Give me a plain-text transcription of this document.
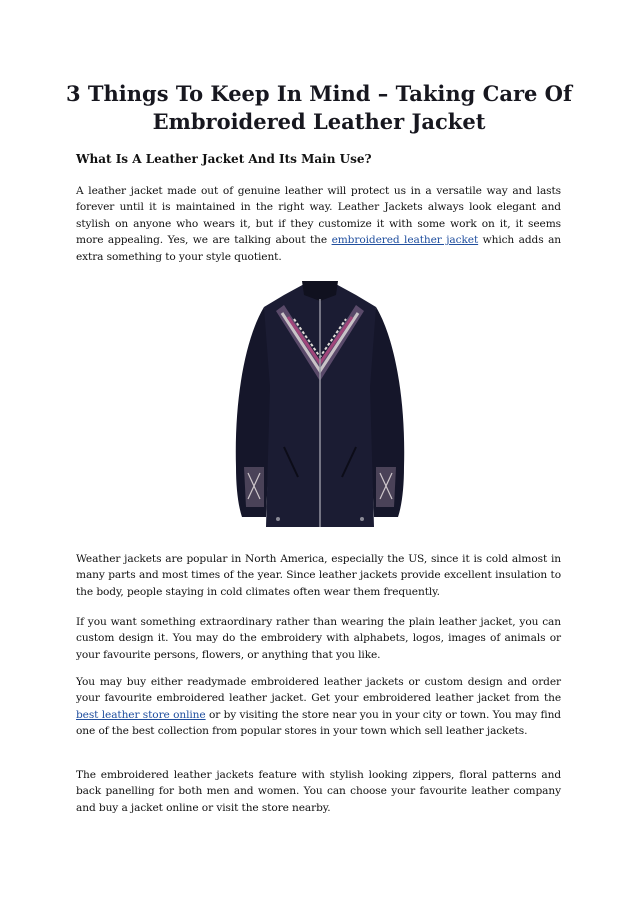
3 Things To Keep In Mind – Taking Care Of Embroidered Leather Jacket
What Is A Leather Jacket And Its Main Use?

A leather jacket made out of genuine leather will protect us in a versatile way and lasts forever until it is maintained in the right way. Leather Jackets always look elegant and stylish on anyone who wears it, but if they customize it with some work on it, it seems more appealing. Yes, we are talking about the embroidered leather jacket which adds an extra something to your style quotient.

Weather jackets are popular in North America, especially the US, since it is cold almost in many parts and most times of the year. Since leather jackets provide excellent insulation to the body, people staying in cold climates often wear them frequently.

If you want something extraordinary rather than wearing the plain leather jacket, you can custom design it. You may do the embroidery with alphabets, logos, images of animals or your favourite persons, flowers, or anything that you like.

You may buy either readymade embroidered leather jackets or custom design and order your favourite embroidered leather jacket. Get your embroidered leather jacket from the best leather store online or by visiting the store near you in your city or town. You may find one of the best collection from popular stores in your town which sell leather jackets.

The embroidered leather jackets feature with stylish looking zippers, floral patterns and back panelling for both men and women. You can choose your favourite leather company and buy a jacket online or visit the store nearby.
